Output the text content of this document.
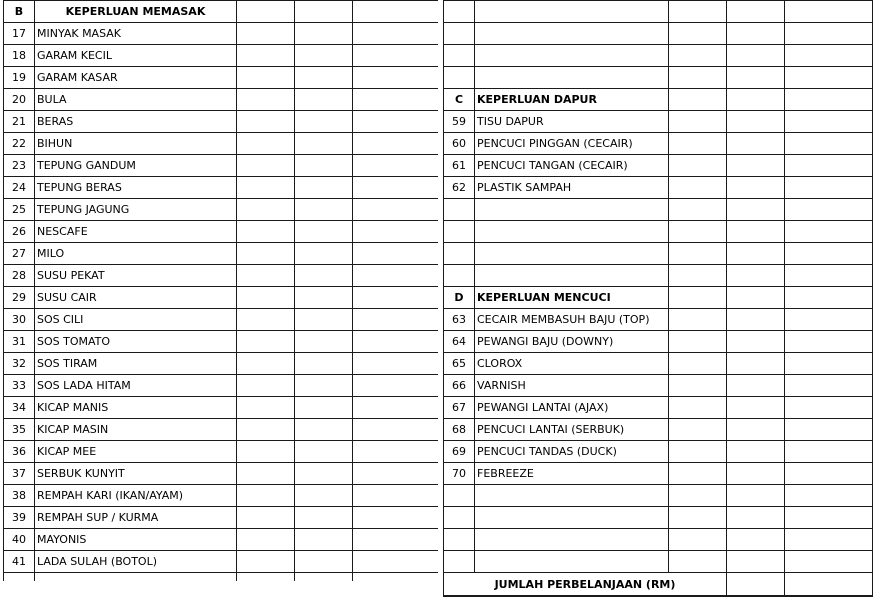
B	KEPERLUAN MEMASAK			
17	MINYAK MASAK			
18	GARAM KECIL			
19	GARAM KASAR			
20	BULA			
21	BERAS			
22	BIHUN			
23	TEPUNG GANDUM			
24	TEPUNG BERAS			
25	TEPUNG JAGUNG			
26	NESCAFE			
27	MILO			
28	SUSU PEKAT			
29	SUSU CAIR			
30	SOS CILI			
31	SOS TOMATO			
32	SOS TIRAM			
33	SOS LADA HITAM			
34	KICAP MANIS			
35	KICAP MASIN			
36	KICAP MEE			
37	SERBUK KUNYIT			
38	REMPAH KARI (IKAN/AYAM)			
39	REMPAH SUP / KURMA			
40	MAYONIS			
41	LADA SULAH (BOTOL)			

C	KEPERLUAN DAPUR			
59	TISU DAPUR			
60	PENCUCI PINGGAN (CECAIR)			
61	PENCUCI TANGAN (CECAIR)			
62	PLASTIK SAMPAH			

D	KEPERLUAN MENCUCI			
63	CECAIR MEMBASUH BAJU (TOP)			
64	PEWANGI BAJU (DOWNY)			
65	CLOROX			
66	VARNISH			
67	PEWANGI LANTAI (AJAX)			
68	PENCUCI LANTAI (SERBUK)			
69	PENCUCI TANDAS (DUCK)			
70	FEBREEZE			

JUMLAH PERBELANJAAN (RM)				
